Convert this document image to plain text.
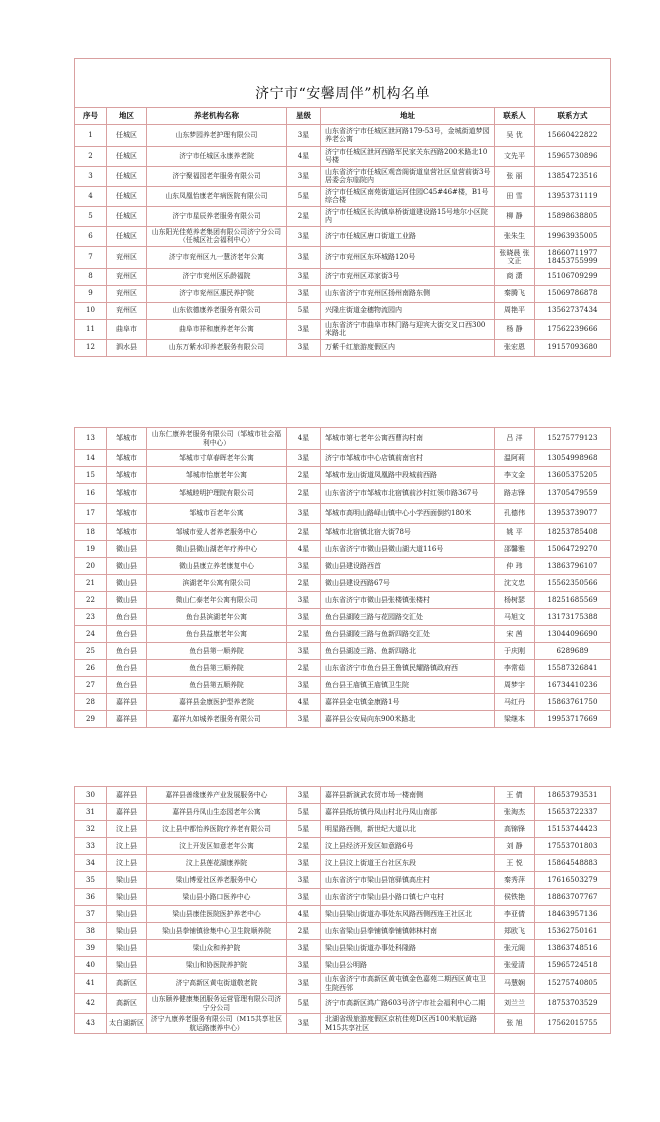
济宁市“安馨周伴”机构名单						
序号	地区	养老机构名称	星级	地址	联系人	联系方式
1	任城区	山东梦园养老护理有限公司	3星	山东省济宁市任城区泄河路179-53号，金城街道梦园养老公寓	吴 优	15660422822
2	任城区	济宁市任城区永康养老院	4星	济宁市任城区泄河西路军民家关东西路200米路北10号楼	文先平	15965730896
3	任城区	济宁聚福园老年服务有限公司	3星	山东省济宁市任城区观音阁街道皇营社区皇营前街3号居委会东临院内	张 丽	13854723516
4	任城区	山东凤凰怡康老年病医院有限公司	5星	济宁市任城区南苑街道运河佳园C45#46#楼，B1号综合楼	田 雪	13953731119
5	任城区	济宁市星辰养老服务有限公司	2星	济宁市任城区长沟镇阜桥街道建设路15号地尔小区院内	柳 静	15898638805
6	任城区	山东阳光佳苑养老集团有限公司济宁分公司（任城区社会福利中心）	3星	济宁市任城区唐口街道工业路	张朱生	19963935005
7	兖州区	济宁市兖州区九一慧济老年公寓	3星	济宁市兖州区东环城路120号	张晓晨 张文正	18660711977 18453755999
8	兖州区	济宁市兖州区乐龄福院	3星	济宁市兖州区邓家街3号	商 潇	15106709299
9	兖州区	济宁市兖州区惠民养护院	3星	山东省济宁市兖州区扬州南路东侧	秦腾飞	15069786878
10	兖州区	山东依德康养老服务有限公司	5星	兴隆庄街道金穗物流园内	周艳平	13562737434
11	曲阜市	曲阜市祥和康养老年公寓	3星	山东省济宁市曲阜市林门路与迎宾大街交叉口西300米路北	杨 静	17562239666
12	泗水县	山东万紫水印养老服务有限公司	3星	万紫千红旅游度假区内	张宏恩	19157093680
13	邹城市	山东仁康养老服务有限公司（邹城市社会福利中心）	4星	邹城市第七老年公寓西曹沟村南	吕 洋	15275779123
14	邹城市	邹城市寸草春晖老年公寓	3星	济宁市邹城市中心店镇前南官村	温阿莉	13054998968
15	邹城市	邹城市怡康老年公寓	2星	邹城市龙山街道凤凰路中段城前西路	李文金	13605375205
16	邹城市	邹城睦明护理院有限公司	2星	山东省济宁市邹城市北宿镇前沙村红领巾路367号	路志锋	13705479559
17	邹城市	邹城市百老年公寓	3星	邹城市高明山路峄山镇中心小学西面倒约180米	孔德伟	13953739077
18	邹城市	邹城市爱人者养老服务中心	2星	邹城市北宿镇北宿大街78号	姚 平	18253785408
19	微山县	微山县微山湖老年疗养中心	4星	山东省济宁市微山县微山湖大道116号	邵馨雅	15064729270
20	微山县	微山县康立养老康复中心	3星	微山县建设路西首	仲 玮	13863796107
21	微山县	滨湖老年公寓有限公司	2星	微山县建设西路67号	沈文忠	15562350566
22	微山县	微山仁泰老年公寓有限公司	3星	山东省济宁市微山县张楼镇张楼村	杨树瑟	18251685569
23	鱼台县	鱼台县滨湖老年公寓	3星	鱼台县湖陵三路与花园路交汇处	马旭文	13173175388
24	鱼台县	鱼台县益康老年公寓	2星	鱼台县湖陵三路与鱼新四路交汇处	宋 茜	13044096690
25	鱼台县	鱼台县第一顺养院	3星	鱼台县湖凌三路、鱼新四路北	于庆刚	6289689
26	鱼台县	鱼台县第三顺养院	2星	山东省济宁市鱼台县王鲁镇民耀路镇政府西	李常茹	15587326841
27	鱼台县	鱼台县第五顺养院	3星	鱼台县王庙镇王庙镇卫生院	周梦宇	16734410236
28	嘉祥县	嘉祥县金康医护型养老院	4星	嘉祥县金屯镇金康路1号	马红丹	15863761750
29	嘉祥县	嘉祥九如城养老服务有限公司	3星	嘉祥县公安局向东900米路北	梁继本	19953717669
30	嘉祥县	嘉祥县善缘康养产业发展服务中心	3星	嘉祥县新演武农贸市场一楼南侧	王 倩	18653793531
31	嘉祥县	嘉祥县丹凤山生态园老年公寓	5星	嘉祥县纸坊镇丹凤山村北丹凤山南部	张淘杰	15653722337
32	汶上县	汶上县中都怡养医院疗养老有限公司	5星	明星路西侧，新世纪大道以北	高锦锋	15153744423
33	汶上县	汶上开发区如意老年公寓	2星	汶上县经济开发区如意路6号	刘 静	17553701803
34	汶上县	汶上县莲花湖康养院	3星	汶上县汶上街道王台社区东段	王 悦	15864548883
35	梁山县	梁山博爱社区养老服务中心	3星	山东省济宁市梁山县馆驿镇高庄村	秦秀萍	17616503279
36	梁山县	梁山县小路口医养中心	3星	山东省济宁市梁山县小路口镇七户屯村	侯铁艳	18863707767
37	梁山县	梁山县康佳医院医护养老中心	4星	梁山县梁山街道办事处东风路西侧西连王社区北	李亚倩	18463957136
38	梁山县	梁山县拳铺镇徐集中心卫生院顺养院	2星	山东省梁山县拳铺镇拳铺镇韩林村南	郑欧飞	15362750161
39	梁山县	梁山众和养护院	3星	梁山县梁山街道办事处科隆路	张元阁	13863748516
40	梁山县	梁山和协医院养护院	3星	梁山县公明路	张爱清	15965724518
41	高新区	济宁高新区黄屯街道敬老院	3星	山东省济宁市高新区黄屯镇金色嘉苑二期西区黄屯卫生院西邻	马慧娴	15275740805
42	高新区	山东颐养健康集团服务运营管理有限公司济宁分公司	5星	济宁市高新区鸿广路603号济宁市社会福利中心二期	刘兰兰	18753703529
43	太白湖新区	济宁九康养老服务有限公司（M15共享社区航运路康养中心）	3星	北湖省级旅游度假区京杭佳苑D区西100米航运路M15共享社区	张 旭	17562015755
